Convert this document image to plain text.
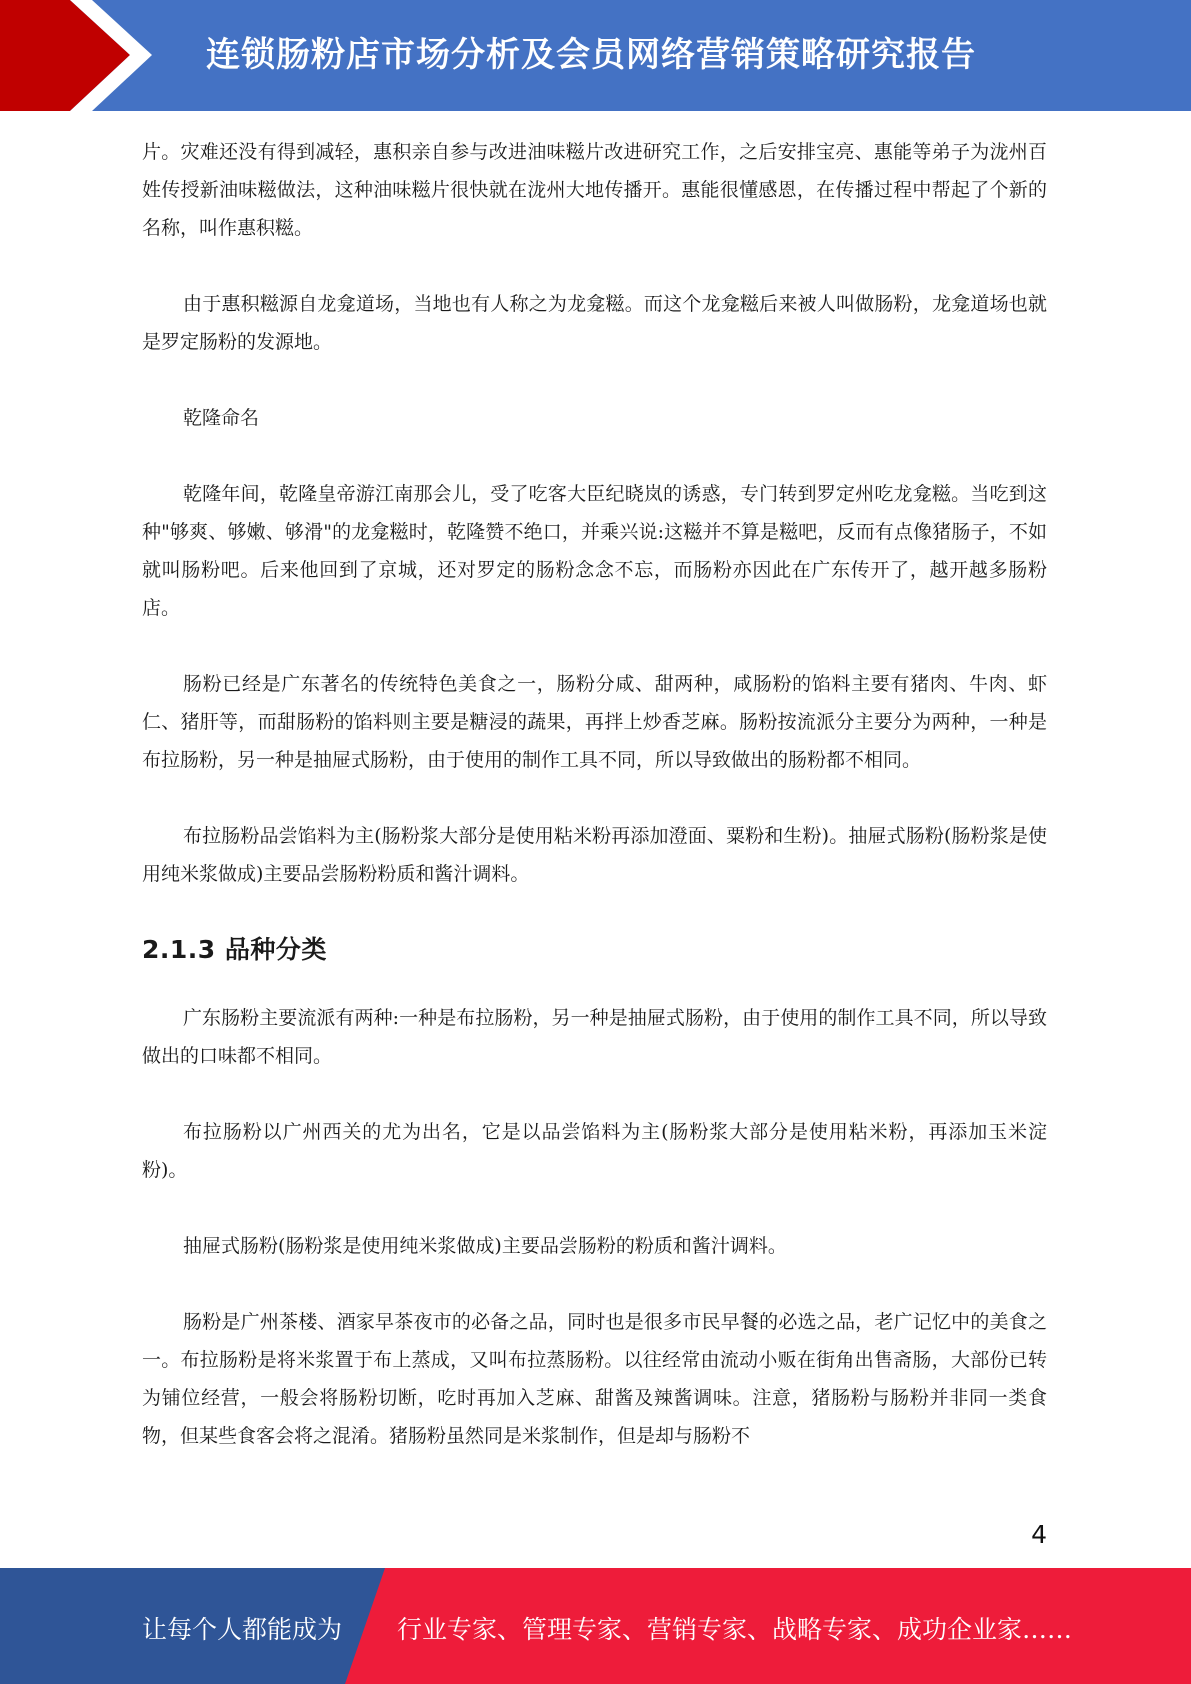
连锁肠粉店市场分析及会员网络营销策略研究报告

片。灾难还没有得到减轻，惠积亲自参与改进油味糍片改进研究工作，之后安排宝亮、惠能等弟子为泷州百姓传授新油味糍做法，这种油味糍片很快就在泷州大地传播开。惠能很懂感恩，在传播过程中帮起了个新的名称，叫作惠积糍。

由于惠积糍源自龙龛道场，当地也有人称之为龙龛糍。而这个龙龛糍后来被人叫做肠粉，龙龛道场也就是罗定肠粉的发源地。

乾隆命名

乾隆年间，乾隆皇帝游江南那会儿，受了吃客大臣纪晓岚的诱惑，专门转到罗定州吃龙龛糍。当吃到这种"够爽、够嫩、够滑"的龙龛糍时，乾隆赞不绝口，并乘兴说:这糍并不算是糍吧，反而有点像猪肠子，不如就叫肠粉吧。后来他回到了京城，还对罗定的肠粉念念不忘，而肠粉亦因此在广东传开了，越开越多肠粉店。

肠粉已经是广东著名的传统特色美食之一，肠粉分咸、甜两种，咸肠粉的馅料主要有猪肉、牛肉、虾仁、猪肝等，而甜肠粉的馅料则主要是糖浸的蔬果，再拌上炒香芝麻。肠粉按流派分主要分为两种，一种是布拉肠粉，另一种是抽屉式肠粉，由于使用的制作工具不同，所以导致做出的肠粉都不相同。

布拉肠粉品尝馅料为主(肠粉浆大部分是使用粘米粉再添加澄面、粟粉和生粉)。抽屉式肠粉(肠粉浆是使用纯米浆做成)主要品尝肠粉粉质和酱汁调料。

2.1.3 品种分类

广东肠粉主要流派有两种:一种是布拉肠粉，另一种是抽屉式肠粉，由于使用的制作工具不同，所以导致做出的口味都不相同。

布拉肠粉以广州西关的尤为出名，它是以品尝馅料为主(肠粉浆大部分是使用粘米粉，再添加玉米淀粉)。

抽屉式肠粉(肠粉浆是使用纯米浆做成)主要品尝肠粉的粉质和酱汁调料。

肠粉是广州茶楼、酒家早茶夜市的必备之品，同时也是很多市民早餐的必选之品，老广记忆中的美食之一。布拉肠粉是将米浆置于布上蒸成，又叫布拉蒸肠粉。以往经常由流动小贩在街角出售斋肠，大部份已转为铺位经营，一般会将肠粉切断，吃时再加入芝麻、甜酱及辣酱调味。注意，猪肠粉与肠粉并非同一类食物，但某些食客会将之混淆。猪肠粉虽然同是米浆制作，但是却与肠粉不

4
让每个人都能成为 行业专家、管理专家、营销专家、战略专家、成功企业家……
